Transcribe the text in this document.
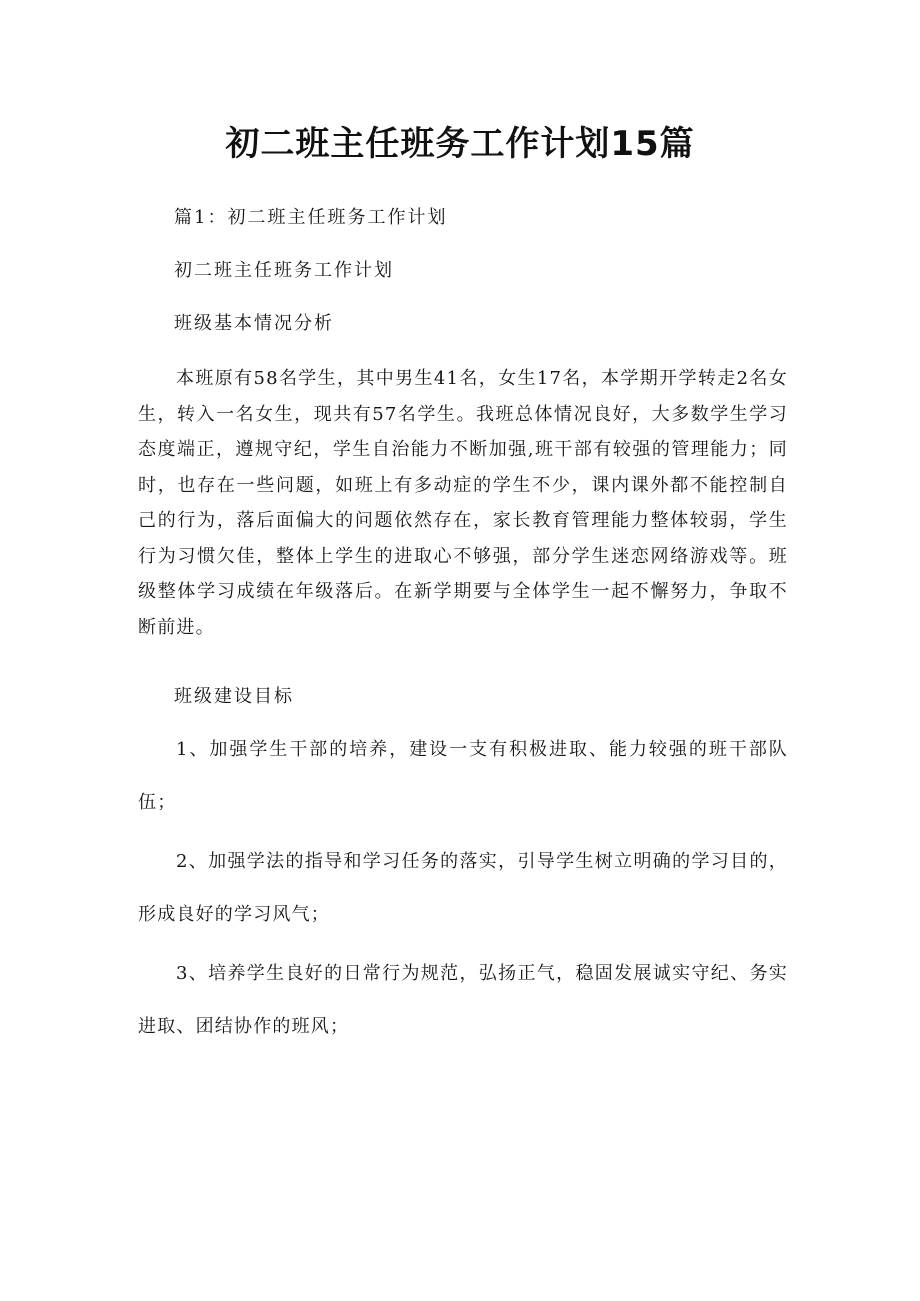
初二班主任班务工作计划15篇

篇1：初二班主任班务工作计划

初二班主任班务工作计划

班级基本情况分析

本班原有58名学生，其中男生41名，女生17名，本学期开学转走2名女生，转入一名女生，现共有57名学生。我班总体情况良好，大多数学生学习态度端正，遵规守纪，学生自治能力不断加强,班干部有较强的管理能力；同时，也存在一些问题，如班上有多动症的学生不少，课内课外都不能控制自己的行为，落后面偏大的问题依然存在，家长教育管理能力整体较弱，学生行为习惯欠佳，整体上学生的进取心不够强，部分学生迷恋网络游戏等。班级整体学习成绩在年级落后。在新学期要与全体学生一起不懈努力，争取不断前进。

班级建设目标

1、加强学生干部的培养，建设一支有积极进取、能力较强的班干部队伍；

2、加强学法的指导和学习任务的落实，引导学生树立明确的学习目的，形成良好的学习风气；

3、培养学生良好的日常行为规范，弘扬正气，稳固发展诚实守纪、务实进取、团结协作的班风；
